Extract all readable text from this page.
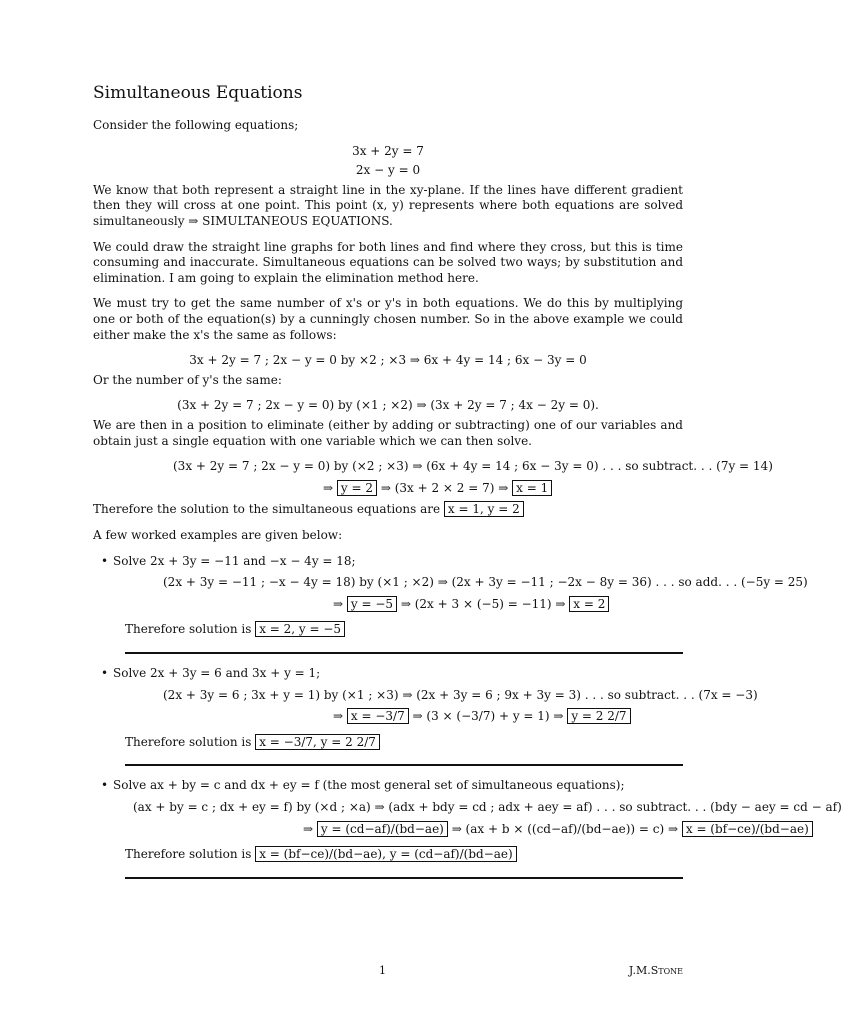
Simultaneous Equations

Consider the following equations;

3x + 2y = 7
2x − y = 0

We know that both represent a straight line in the xy-plane. If the lines have different gradient then they will cross at one point. This point (x, y) represents where both equations are solved simultaneously ⇒ SIMULTANEOUS EQUATIONS.

We could draw the straight line graphs for both lines and find where they cross, but this is time consuming and inaccurate. Simultaneous equations can be solved two ways; by substitution and elimination. I am going to explain the elimination method here.

We must try to get the same number of x's or y's in both equations. We do this by multiplying one or both of the equation(s) by a cunningly chosen number. So in the above example we could either make the x's the same as follows:

3x + 2y = 7 ; 2x − y = 0 by ×2 ; ×3 ⇒ 6x + 4y = 14 ; 6x − 3y = 0

Or the number of y's the same:

(3x + 2y = 7 ; 2x − y = 0) by (×1 ; ×2) ⇒ (3x + 2y = 7 ; 4x − 2y = 0).

We are then in a position to eliminate (either by adding or subtracting) one of our variables and obtain just a single equation with one variable which we can then solve.

(3x + 2y = 7 ; 2x − y = 0) by (×2 ; ×3) ⇒ (6x + 4y = 14 ; 6x − 3y = 0) . . . so subtract. . . (7y = 14)
⇒ y = 2 ⇒ (3x + 2 × 2 = 7) ⇒ x = 1

Therefore the solution to the simultaneous equations are x = 1, y = 2

A few worked examples are given below:

• Solve 2x + 3y = −11 and −x − 4y = 18;
(2x + 3y = −11 ; −x − 4y = 18) by (×1 ; ×2) ⇒ (2x + 3y = −11 ; −2x − 8y = 36) . . . so add. . . (−5y = 25)
⇒ y = −5 ⇒ (2x + 3 × (−5) = −11) ⇒ x = 2
Therefore solution is x = 2, y = −5
• Solve 2x + 3y = 6 and 3x + y = 1;
(2x + 3y = 6 ; 3x + y = 1) by (×1 ; ×3) ⇒ (2x + 3y = 6 ; 9x + 3y = 3) . . . so subtract. . . (7x = −3)
⇒ x = −3/7 ⇒ (3 × (−3/7) + y = 1) ⇒ y = 2 2/7
Therefore solution is x = −3/7, y = 2 2/7
• Solve ax + by = c and dx + ey = f (the most general set of simultaneous equations);
(ax + by = c ; dx + ey = f) by (×d ; ×a) ⇒ (adx + bdy = cd ; adx + aey = af) . . . so subtract. . . (bdy − aey = cd − af)
⇒ y = (cd−af)/(bd−ae) ⇒ (ax + b × ((cd−af)/(bd−ae)) = c) ⇒ x = (bf−ce)/(bd−ae)
Therefore solution is x = (bf−ce)/(bd−ae), y = (cd−af)/(bd−ae)
1	J.M.Stone
